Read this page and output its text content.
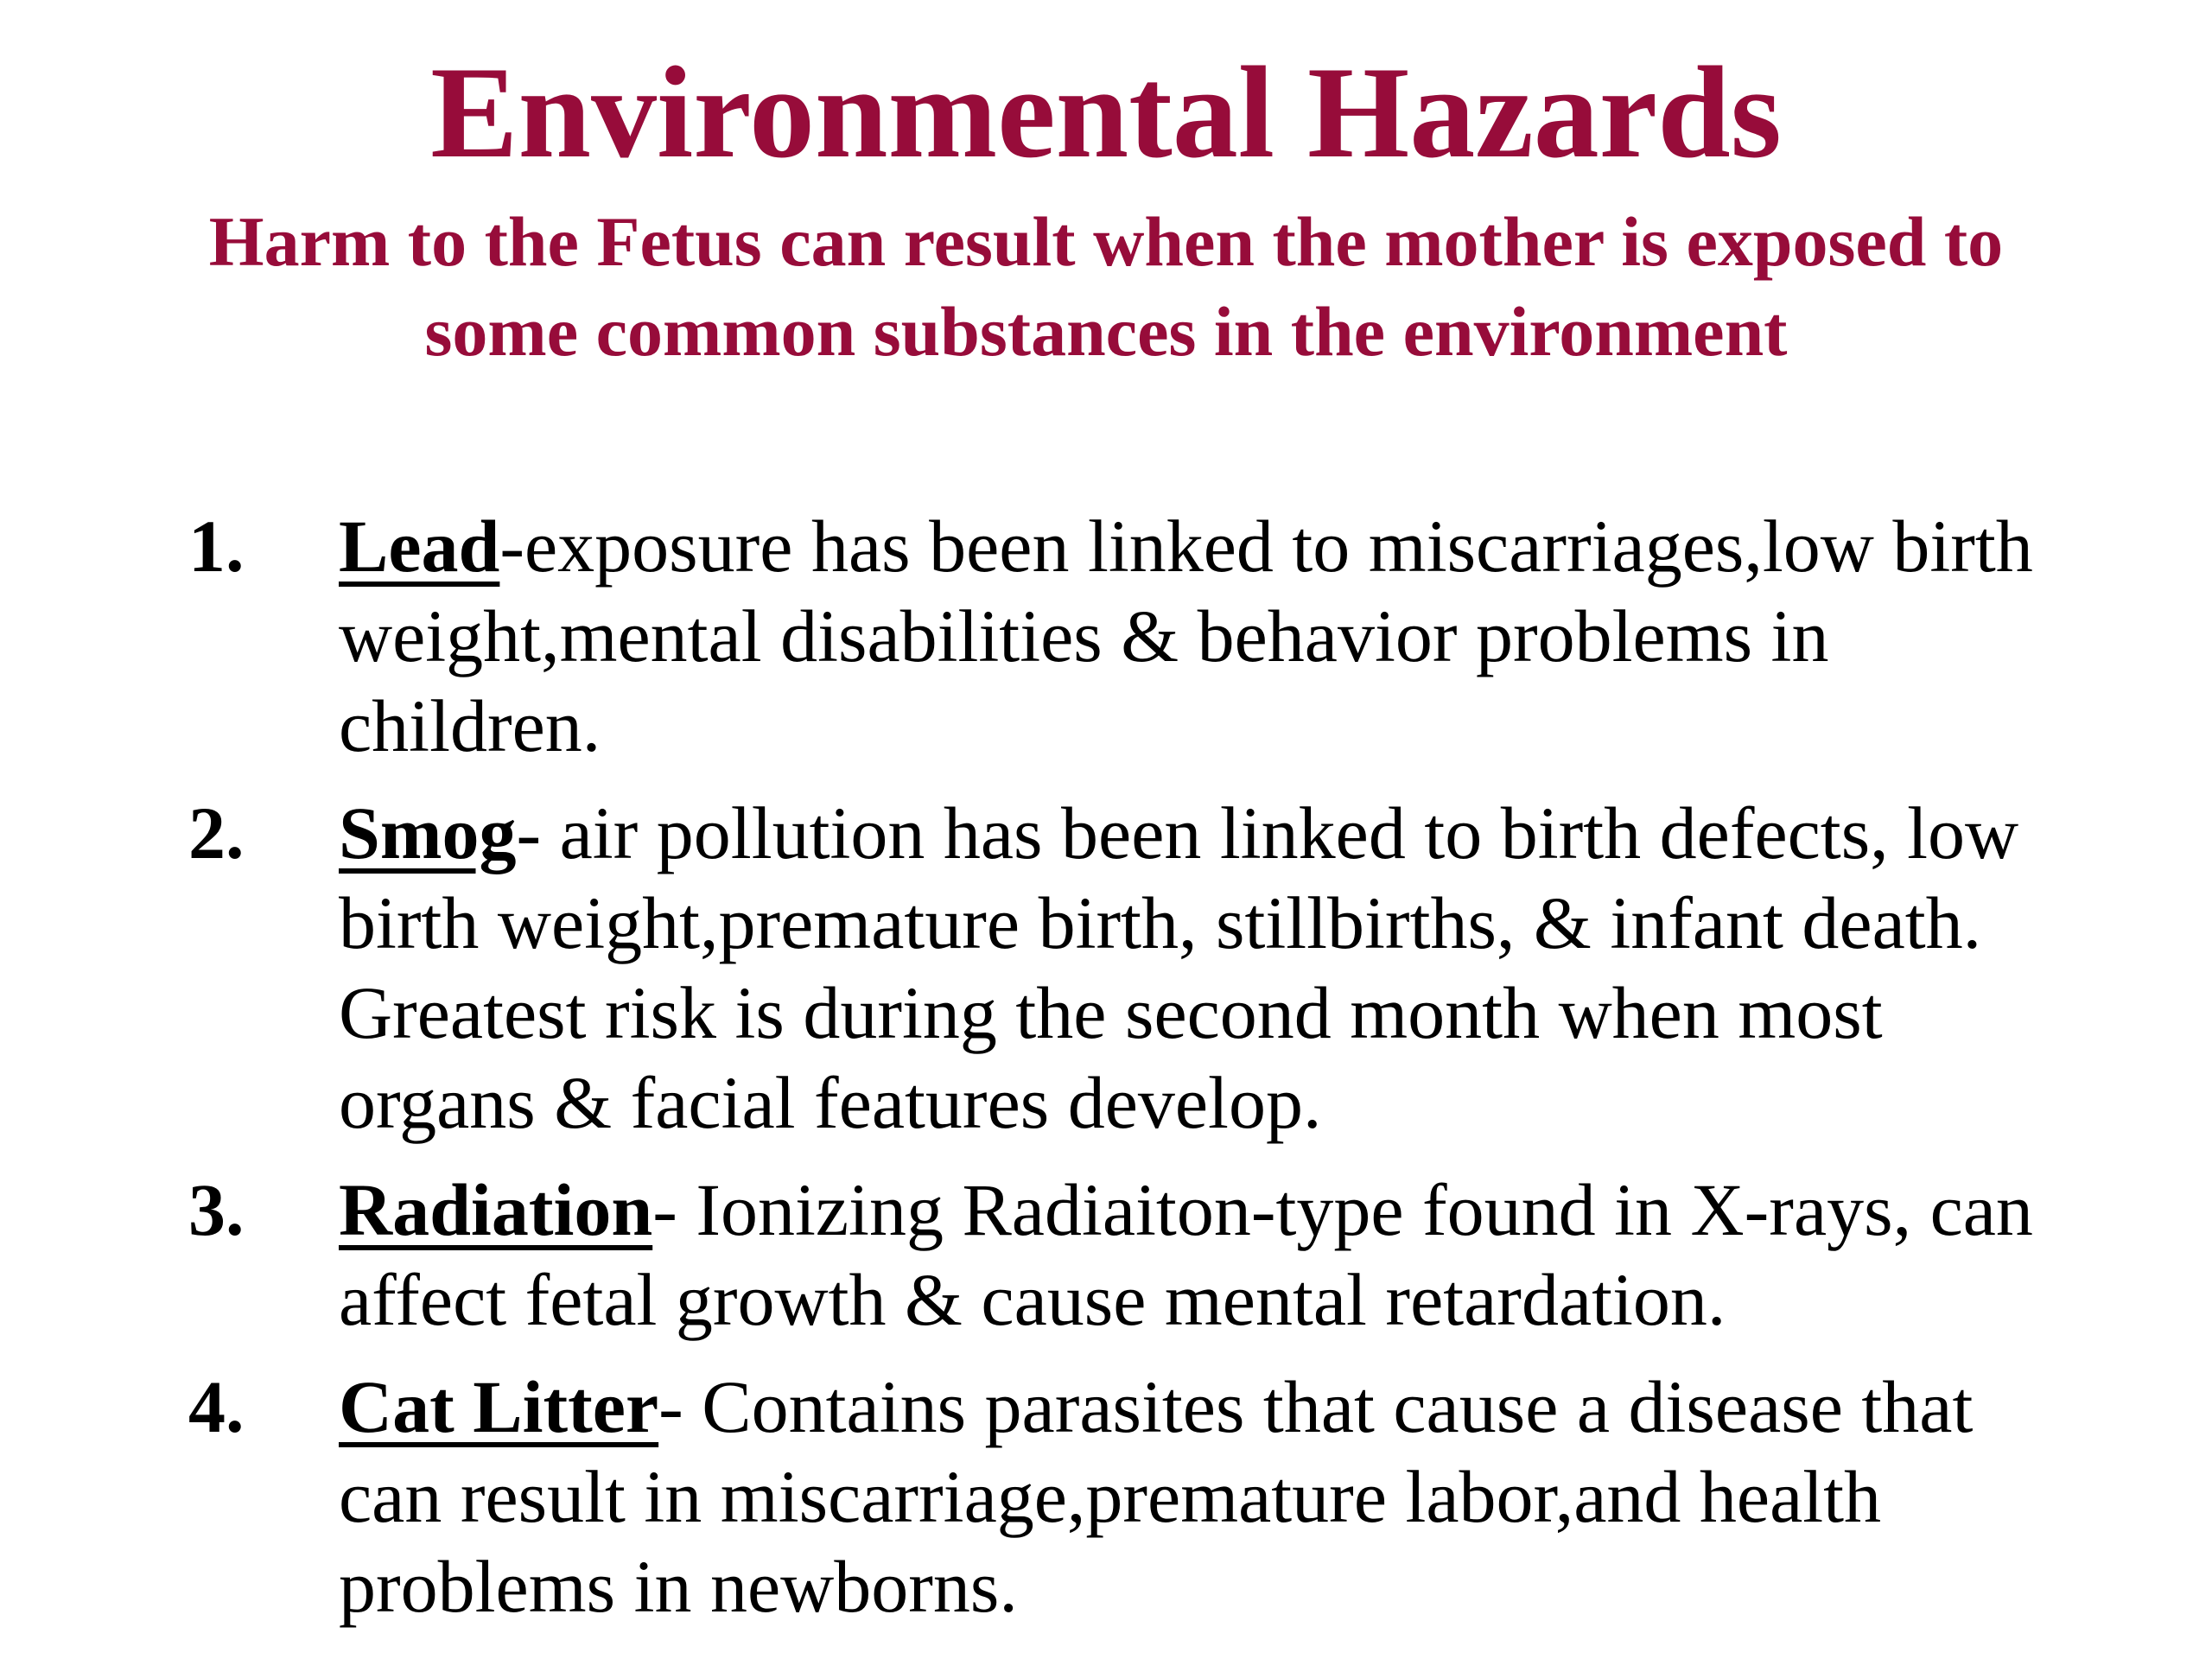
Environmental Hazards

Harm to the Fetus can result when the mother is exposed to some common substances in the environment

1. Lead-exposure has been linked to miscarriages,low birth weight,mental disabilities & behavior problems in children.
2. Smog- air pollution has been linked to birth defects, low birth weight,premature birth, stillbirths, & infant death. Greatest risk is during the second month when most organs & facial features develop.
3. Radiation- Ionizing Radiaiton-type found in X-rays, can affect fetal growth & cause mental retardation.
4. Cat Litter- Contains parasites that cause a disease that can result in miscarriage,premature labor,and health problems in newborns.
